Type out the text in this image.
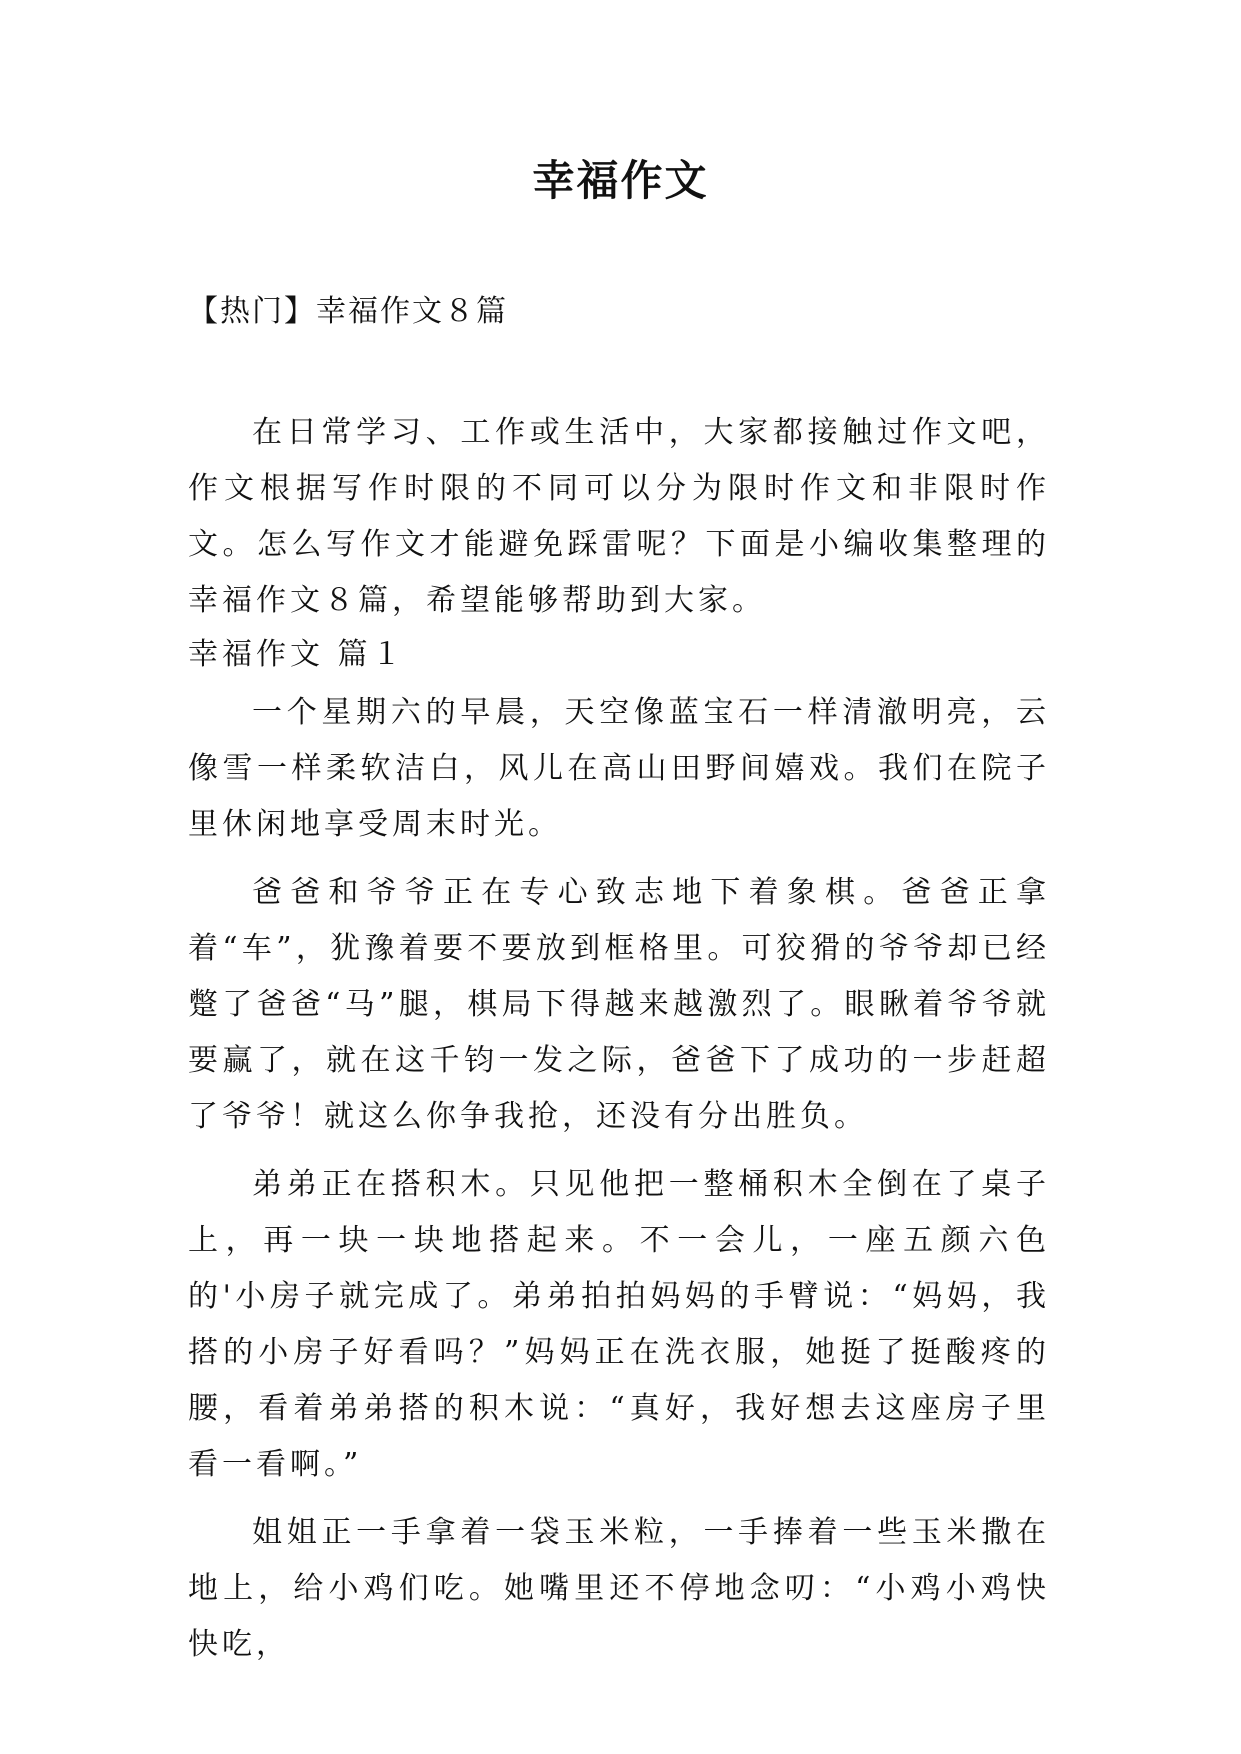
幸福作文
【热门】幸福作文８篇

在日常学习、工作或生活中，大家都接触过作文吧，作文根据写作时限的不同可以分为限时作文和非限时作文。怎么写作文才能避免踩雷呢？下面是小编收集整理的幸福作文８篇，希望能够帮助到大家。

幸福作文 篇１

一个星期六的早晨，天空像蓝宝石一样清澈明亮，云像雪一样柔软洁白，风儿在高山田野间嬉戏。我们在院子里休闲地享受周末时光。

爸爸和爷爷正在专心致志地下着象棋。爸爸正拿着“车”，犹豫着要不要放到框格里。可狡猾的爷爷却已经蹩了爸爸“马”腿，棋局下得越来越激烈了。眼瞅着爷爷就要赢了，就在这千钧一发之际，爸爸下了成功的一步赶超了爷爷！就这么你争我抢，还没有分出胜负。

弟弟正在搭积木。只见他把一整桶积木全倒在了桌子上，再一块一块地搭起来。不一会儿，一座五颜六色的'小房子就完成了。弟弟拍拍妈妈的手臂说：“妈妈，我搭的小房子好看吗？”妈妈正在洗衣服，她挺了挺酸疼的腰，看着弟弟搭的积木说：“真好，我好想去这座房子里看一看啊。”

姐姐正一手拿着一袋玉米粒，一手捧着一些玉米撒在地上，给小鸡们吃。她嘴里还不停地念叨：“小鸡小鸡快快吃，
